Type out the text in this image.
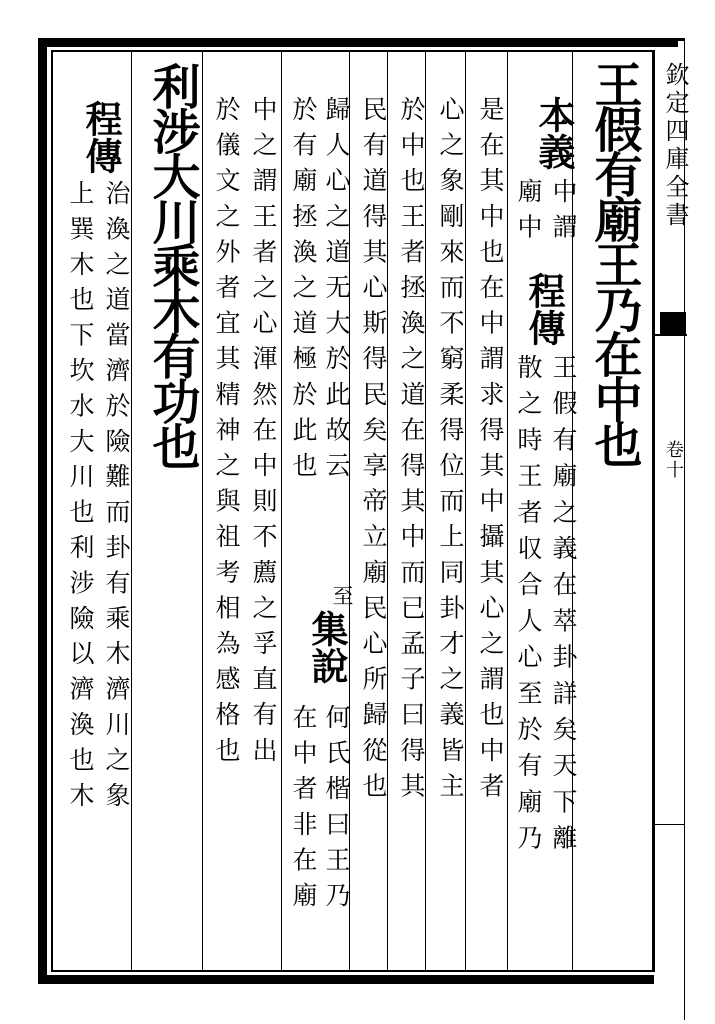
欽定四庫全書
卷十
王假有廟王乃在中也
本義
中謂
廟中
程傳
王假有廟之義在萃卦詳矣天下離
散之時王者収合人心至於有廟乃
是在其中也在中謂求得其中攝其心之謂也中者
心之象剛來而不窮柔得位而上同卦才之義皆主
於中也王者拯渙之道在得其中而已孟子曰得其
民有道得其心斯得民矣享帝立廟民心所歸從也
歸人心之道无大於此故云
至
於有廟拯渙之道極於此也
集說
何氏楷曰王乃
在中者非在廟
中之謂王者之心渾然在中則不薦之孚直有出
於儀文之外者宜其精神之與祖考相為感格也
利涉大川乘木有功也
程傳
治渙之道當濟於險難而卦有乘木濟川之象
上巽木也下坎水大川也利涉險以濟渙也木
